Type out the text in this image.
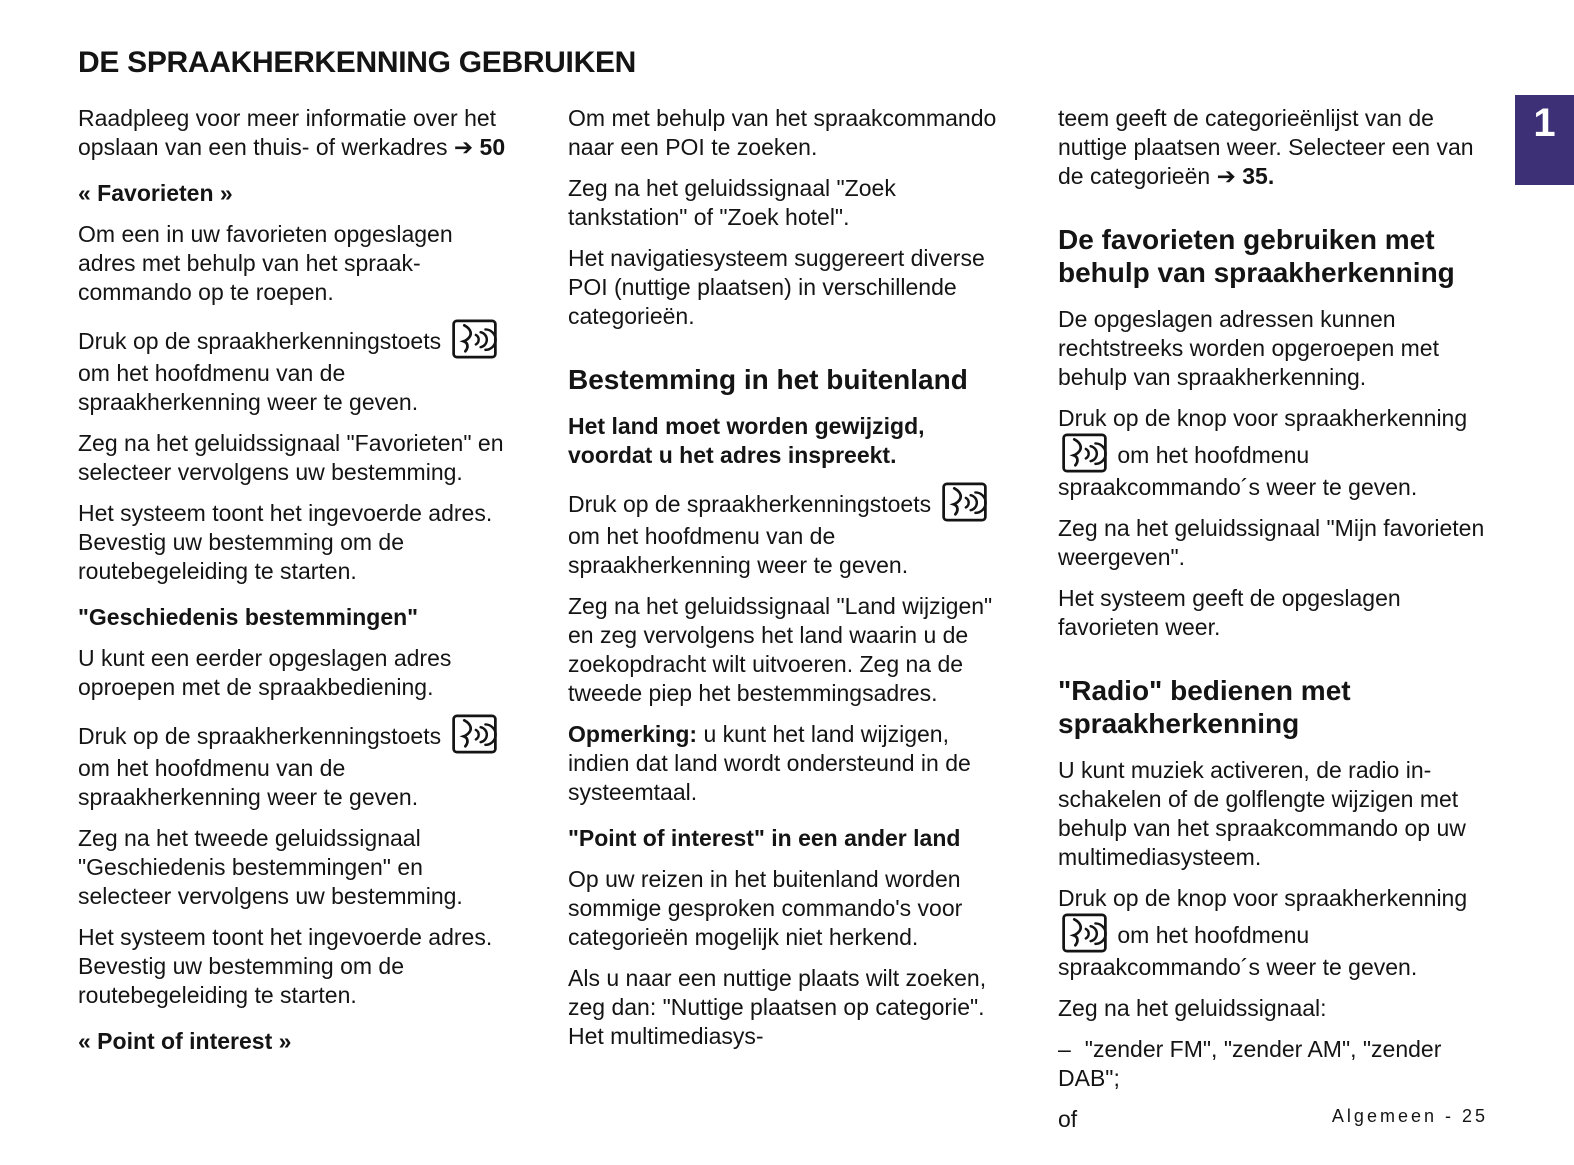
DE SPRAAKHERKENNING GEBRUIKEN

Raadpleeg voor meer informatie over het opslaan van een thuis- of werkadres ➔ 50

« Favorieten »

Om een in uw favorieten opgeslagen adres met behulp van het spraakcommando op te roepen.

Druk op de spraakherkenningstoets  om het hoofdmenu van de spraakherkenning weer te geven.

Zeg na het geluidssignaal "Favorieten" en selecteer vervolgens uw bestemming.

Het systeem toont het ingevoerde adres. Bevestig uw bestemming om de routebegeleiding te starten.

"Geschiedenis bestemmingen"

U kunt een eerder opgeslagen adres oproepen met de spraakbediening.

Druk op de spraakherkenningstoets  om het hoofdmenu van de spraakherkenning weer te geven.

Zeg na het tweede geluidssignaal "Geschiedenis bestemmingen" en selecteer vervolgens uw bestemming.

Het systeem toont het ingevoerde adres. Bevestig uw bestemming om de routebegeleiding te starten.

« Point of interest »

Om met behulp van het spraakcommando naar een POI te zoeken.

Zeg na het geluidssignaal "Zoek tankstation" of "Zoek hotel".

Het navigatiesysteem suggereert diverse POI (nuttige plaatsen) in verschillende categorieën.

Bestemming in het buitenland

Het land moet worden gewijzigd, voordat u het adres inspreekt.

Druk op de spraakherkenningstoets  om het hoofdmenu van de spraakherkenning weer te geven.

Zeg na het geluidssignaal "Land wijzigen" en zeg vervolgens het land waarin u de zoekopdracht wilt uitvoeren. Zeg na de tweede piep het bestemmingsadres.

Opmerking: u kunt het land wijzigen, indien dat land wordt ondersteund in de systeemtaal.

"Point of interest" in een ander land

Op uw reizen in het buitenland worden sommige gesproken commando's voor categorieën mogelijk niet herkend.

Als u naar een nuttige plaats wilt zoeken, zeg dan: "Nuttige plaatsen op categorie". Het multimediasys-

teem geeft de categorieënlijst van de nuttige plaatsen weer. Selecteer een van de categorieën ➔ 35.

De favorieten gebruiken met behulp van spraakherkenning

De opgeslagen adressen kunnen rechtstreeks worden opgeroepen met behulp van spraakherkenning.

Druk op de knop voor spraakherkenning  om het hoofdmenu spraakcommando´s weer te geven.

Zeg na het geluidssignaal "Mijn favorieten weergeven".

Het systeem geeft de opgeslagen favorieten weer.

"Radio" bedienen met spraakherkenning

U kunt muziek activeren, de radio inschakelen of de golflengte wijzigen met behulp van het spraakcommando op uw multimediasysteem.

Druk op de knop voor spraakherkenning  om het hoofdmenu spraakcommando´s weer te geven.

Zeg na het geluidssignaal:

– "zender FM", "zender AM", "zender DAB";

of

1
Algemeen - 25
